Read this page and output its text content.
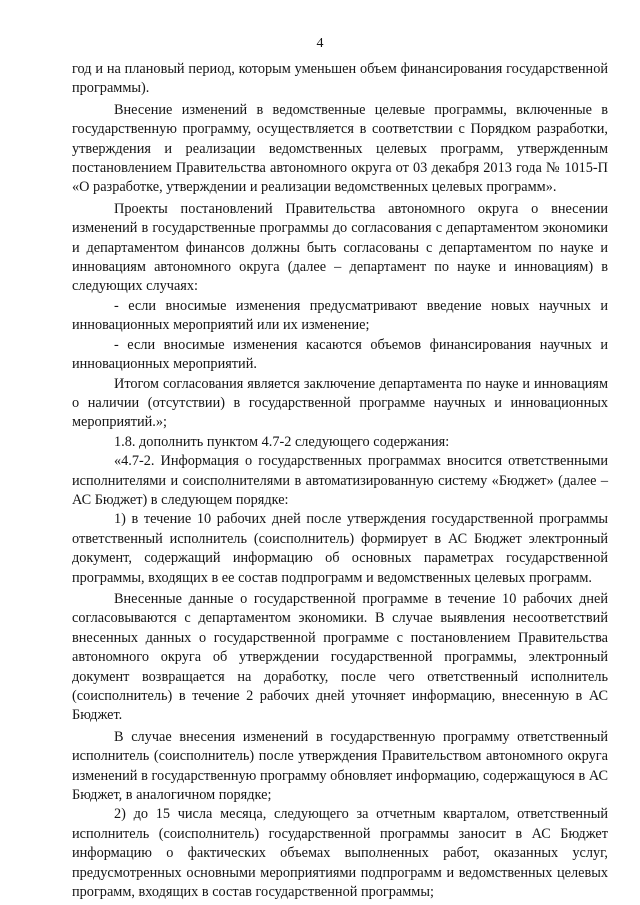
4

год и на плановый период, которым уменьшен объем финансирования государственной программы).

Внесение изменений в ведомственные целевые программы, включенные в государственную программу, осуществляется в соответствии с Порядком разработки, утверждения и реализации ведомственных целевых программ, утвержденным постановлением Правительства автономного округа от 03 декабря 2013 года № 1015-П «О разработке, утверждении и реализации ведомственных целевых программ».

Проекты постановлений Правительства автономного округа о внесении изменений в государственные программы до согласования с департаментом экономики и департаментом финансов должны быть согласованы с департаментом по науке и инновациям автономного округа (далее – департамент по науке и инновациям) в следующих случаях:

- если вносимые изменения предусматривают введение новых научных и инновационных мероприятий или их изменение;

- если вносимые изменения касаются объемов финансирования научных и инновационных мероприятий.

Итогом согласования является заключение департамента по науке и инновациям о наличии (отсутствии) в государственной программе научных и инновационных мероприятий.»;

1.8. дополнить пунктом 4.7-2 следующего содержания:

«4.7-2. Информация о государственных программах вносится ответственными исполнителями и соисполнителями в автоматизированную систему «Бюджет» (далее – АС Бюджет) в следующем порядке:

1) в течение 10 рабочих дней после утверждения государственной программы ответственный исполнитель (соисполнитель) формирует в АС Бюджет электронный документ, содержащий информацию об основных параметрах государственной программы, входящих в ее состав подпрограмм и ведомственных целевых программ.

Внесенные данные о государственной программе в течение 10 рабочих дней согласовываются с департаментом экономики. В случае выявления несоответствий внесенных данных о государственной программе с постановлением Правительства автономного округа об утверждении государственной программы, электронный документ возвращается на доработку, после чего ответственный исполнитель (соисполнитель) в течение 2 рабочих дней уточняет информацию, внесенную в АС Бюджет.

В случае внесения изменений в государственную программу ответственный исполнитель (соисполнитель) после утверждения Правительством автономного округа изменений в государственную программу обновляет информацию, содержащуюся в АС Бюджет, в аналогичном порядке;

2) до 15 числа месяца, следующего за отчетным кварталом, ответственный исполнитель (соисполнитель) государственной программы заносит в АС Бюджет информацию о фактических объемах выполненных работ, оказанных услуг, предусмотренных основными мероприятиями подпрограмм и ведомственных целевых программ, входящих в состав государственной программы;
